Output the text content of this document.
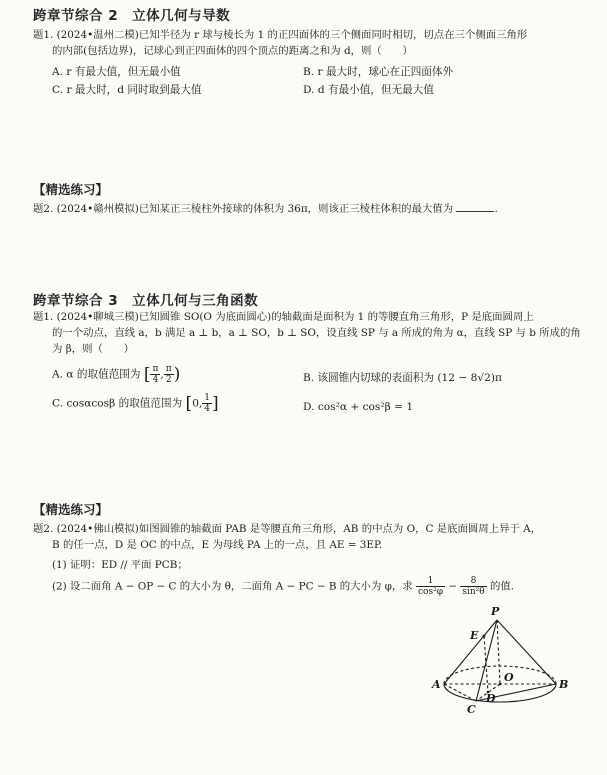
跨章节综合 2 立体几何与导数
题1. (2024•温州二模)已知半径为 r 球与棱长为 1 的正四面体的三个侧面同时相切，切点在三个侧面三角形
的内部(包括边界)，记球心到正四面体的四个顶点的距离之和为 d，则（　　）
A. r 有最大值，但无最小值	B. r 最大时，球心在正四面体外
C. r 最大时，d 同时取到最大值	D. d 有最小值，但无最大值
【精选练习】
题2. (2024•赣州模拟)已知某正三棱柱外接球的体积为 36π，则该正三棱柱体积的最大值为	.
跨章节综合 3 立体几何与三角函数
题1. (2024•聊城三模)已知圆锥 SO(O 为底面圆心)的轴截面是面积为 1 的等腰直角三角形，P 是底面圆周上
的一个动点，直线 a，b 满足 a ⊥ b，a ⊥ SO，b ⊥ SO，设直线 SP 与 a 所成的角为 α，直线 SP 与 b 所成的角
为 β，则（　　）
A. α 的取值范围为 [ $\frac{\pi}{4}$ , $\frac{\pi}{2}$ )	B. 该圆锥内切球的表面积为 (12 − 8√2)π
C. cosαcosβ 的取值范围为 [0, $\frac{1}{4}$ ]	D. cos²α + cos²β = 1
【精选练习】
题2. (2024•佛山模拟)如图圆锥的轴截面 PAB 是等腰直角三角形，AB 的中点为 O，C 是底面圆周上异于 A，
B 的任一点，D 是 OC 的中点，E 为母线 PA 上的一点，且 AE = 3EP.
(1) 证明：ED // 平面 PCB；
(2) 设二面角 A − OP − C 的大小为 θ，二面角 A − PC − B 的大小为 φ，求 $\frac{1}{\text{cos²φ}} - \frac{8}{\text{sin²θ}}$ 的值.
P
E
O
A	B
D
C
